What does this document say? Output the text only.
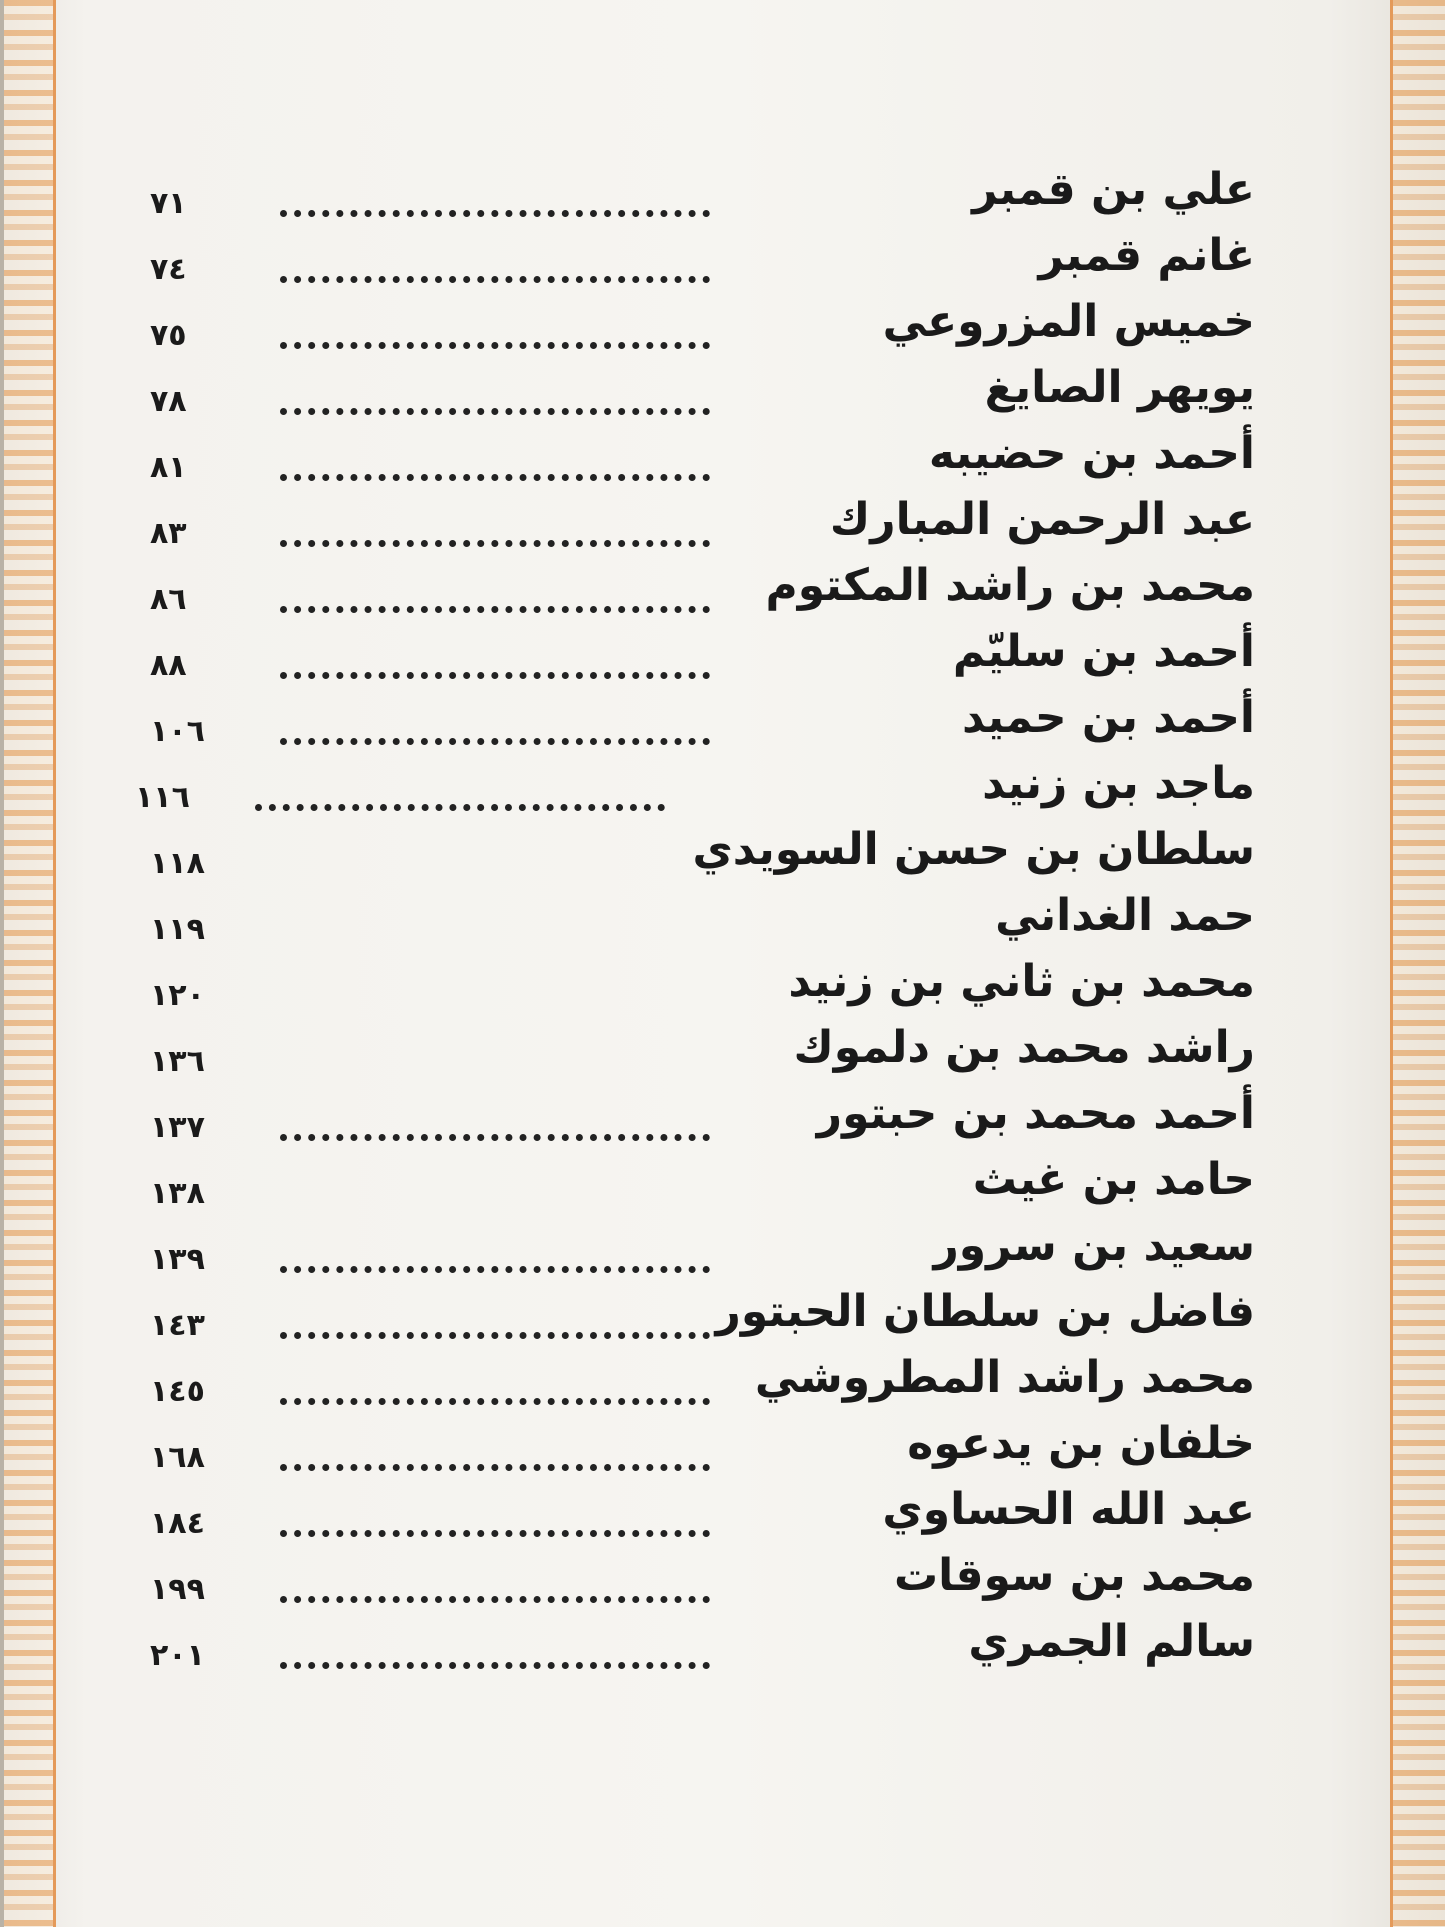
علي بن قمبر
٧١
غانم قمبر
٧٤
خميس المزروعي
٧٥
يويهر الصايغ
٧٨
أحمد بن حضيبه
٨١
عبد الرحمن المبارك
٨٣
محمد بن راشد المكتوم
٨٦
أحمد بن سليّم
٨٨
أحمد بن حميد
١٠٦
ماجد بن زنيد
١١٦
سلطان بن حسن السويدي
١١٨
حمد الغداني
١١٩
محمد بن ثاني بن زنيد
١٢٠
راشد محمد بن دلموك
١٣٦
أحمد محمد بن حبتور
١٣٧
حامد بن غيث
١٣٨
سعيد بن سرور
١٣٩
فاضل بن سلطان الحبتور
١٤٣
محمد راشد المطروشي
١٤٥
خلفان بن يدعوه
١٦٨
عبد الله الحساوي
١٨٤
محمد بن سوقات
١٩٩
سالم الجمري
٢٠١
